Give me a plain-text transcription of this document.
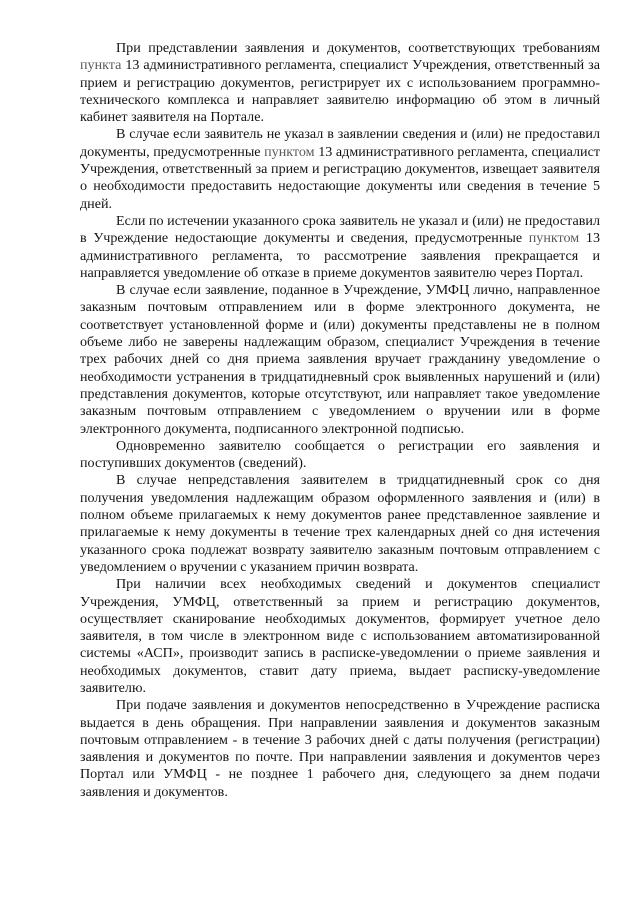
При представлении заявления и документов, соответствующих требованиям пункта 13 административного регламента, специалист Учреждения, ответственный за прием и регистрацию документов, регистрирует их с использованием программно-технического комплекса и направляет заявителю информацию об этом в личный кабинет заявителя на Портале.

В случае если заявитель не указал в заявлении сведения и (или) не предоставил документы, предусмотренные пунктом 13 административного регламента, специалист Учреждения, ответственный за прием и регистрацию документов, извещает заявителя о необходимости предоставить недостающие документы или сведения в течение 5 дней.

Если по истечении указанного срока заявитель не указал и (или) не предоставил в Учреждение недостающие документы и сведения, предусмотренные пунктом 13 административного регламента, то рассмотрение заявления прекращается и направляется уведомление об отказе в приеме документов заявителю через Портал.

В случае если заявление, поданное в Учреждение, УМФЦ лично, направленное заказным почтовым отправлением или в форме электронного документа, не соответствует установленной форме и (или) документы представлены не в полном объеме либо не заверены надлежащим образом, специалист Учреждения в течение трех рабочих дней со дня приема заявления вручает гражданину уведомление о необходимости устранения в тридцатидневный срок выявленных нарушений и (или) представления документов, которые отсутствуют, или направляет такое уведомление заказным почтовым отправлением с уведомлением о вручении или в форме электронного документа, подписанного электронной подписью.

Одновременно заявителю сообщается о регистрации его заявления и поступивших документов (сведений).

В случае непредставления заявителем в тридцатидневный срок со дня получения уведомления надлежащим образом оформленного заявления и (или) в полном объеме прилагаемых к нему документов ранее представленное заявление и прилагаемые к нему документы в течение трех календарных дней со дня истечения указанного срока подлежат возврату заявителю заказным почтовым отправлением с уведомлением о вручении с указанием причин возврата.

При наличии всех необходимых сведений и документов специалист Учреждения, УМФЦ, ответственный за прием и регистрацию документов, осуществляет сканирование необходимых документов, формирует учетное дело заявителя, в том числе в электронном виде с использованием автоматизированной системы «АСП», производит запись в расписке-уведомлении о приеме заявления и необходимых документов, ставит дату приема, выдает расписку-уведомление заявителю.

При подаче заявления и документов непосредственно в Учреждение расписка выдается в день обращения. При направлении заявления и документов заказным почтовым отправлением - в течение 3 рабочих дней с даты получения (регистрации) заявления и документов по почте. При направлении заявления и документов через Портал или УМФЦ - не позднее 1 рабочего дня, следующего за днем подачи заявления и документов.
